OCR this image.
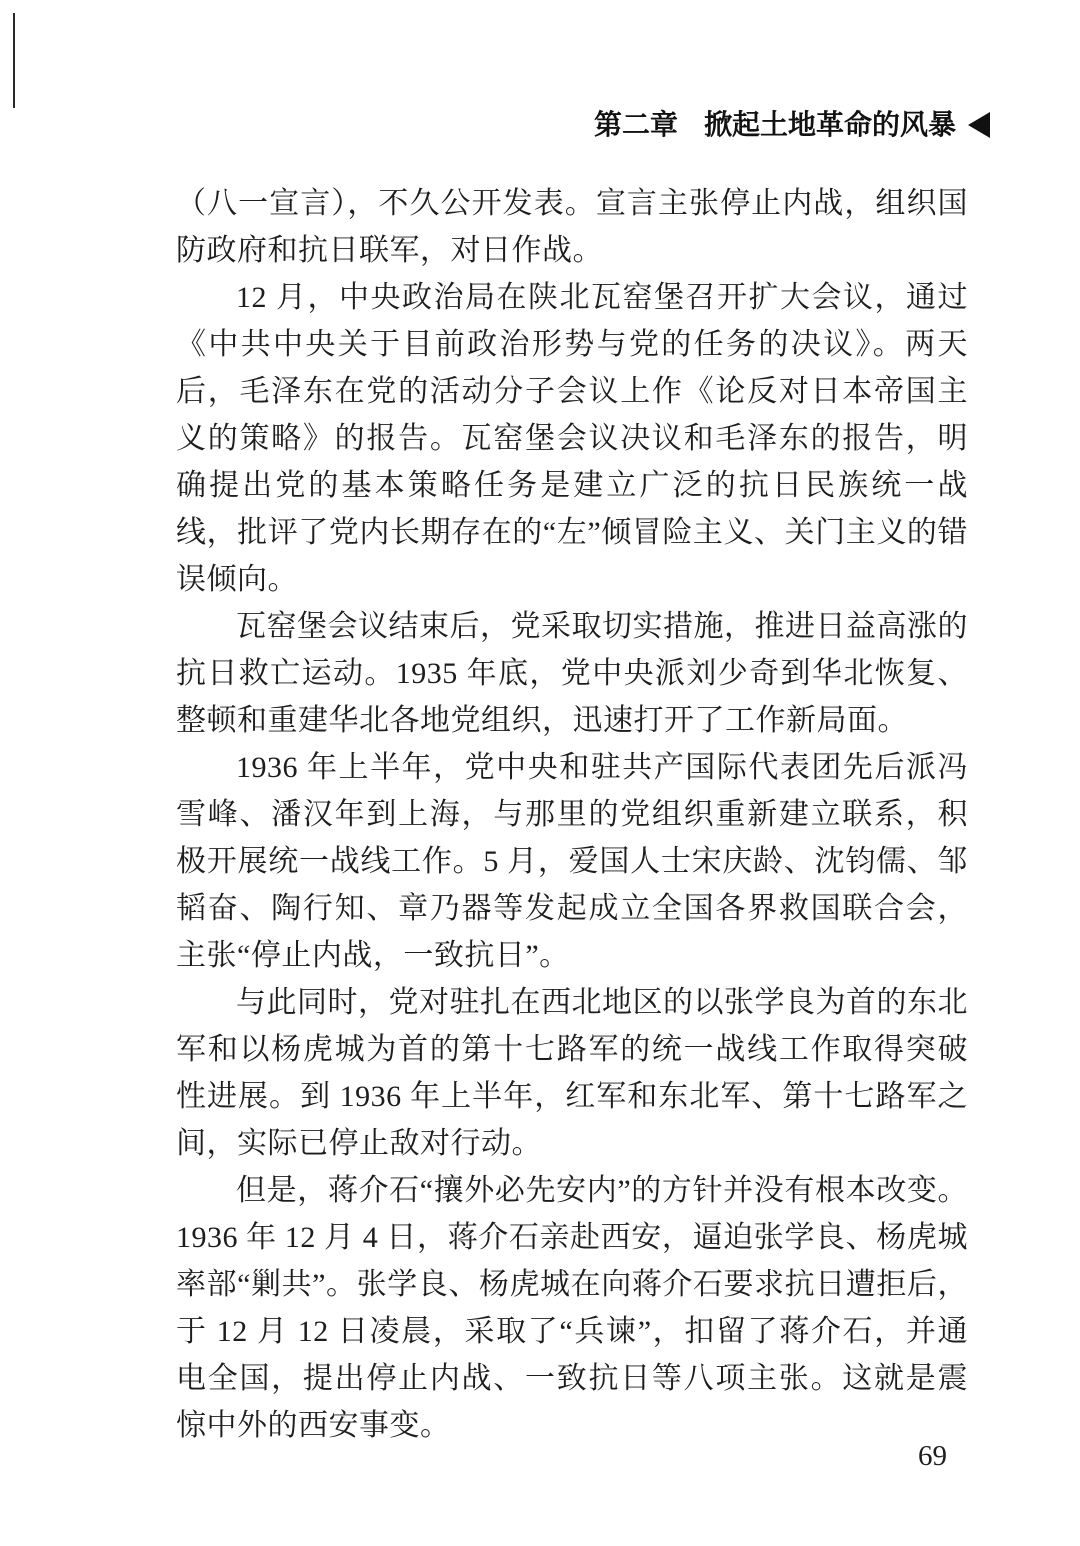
第二章 掀起土地革命的风暴

（八一宣言），不久公开发表。宣言主张停止内战，组织国防政府和抗日联军，对日作战。

12 月，中央政治局在陕北瓦窑堡召开扩大会议，通过《中共中央关于目前政治形势与党的任务的决议》。两天后，毛泽东在党的活动分子会议上作《论反对日本帝国主义的策略》的报告。瓦窑堡会议决议和毛泽东的报告，明确提出党的基本策略任务是建立广泛的抗日民族统一战线，批评了党内长期存在的“左”倾冒险主义、关门主义的错误倾向。

瓦窑堡会议结束后，党采取切实措施，推进日益高涨的抗日救亡运动。1935 年底，党中央派刘少奇到华北恢复、整顿和重建华北各地党组织，迅速打开了工作新局面。

1936 年上半年，党中央和驻共产国际代表团先后派冯雪峰、潘汉年到上海，与那里的党组织重新建立联系，积极开展统一战线工作。5 月，爱国人士宋庆龄、沈钧儒、邹韬奋、陶行知、章乃器等发起成立全国各界救国联合会，主张“停止内战，一致抗日”。

与此同时，党对驻扎在西北地区的以张学良为首的东北军和以杨虎城为首的第十七路军的统一战线工作取得突破性进展。到 1936 年上半年，红军和东北军、第十七路军之间，实际已停止敌对行动。

但是，蒋介石“攘外必先安内”的方针并没有根本改变。1936 年 12 月 4 日，蒋介石亲赴西安，逼迫张学良、杨虎城率部“剿共”。张学良、杨虎城在向蒋介石要求抗日遭拒后，于 12 月 12 日凌晨，采取了“兵谏”，扣留了蒋介石，并通电全国，提出停止内战、一致抗日等八项主张。这就是震惊中外的西安事变。

69
